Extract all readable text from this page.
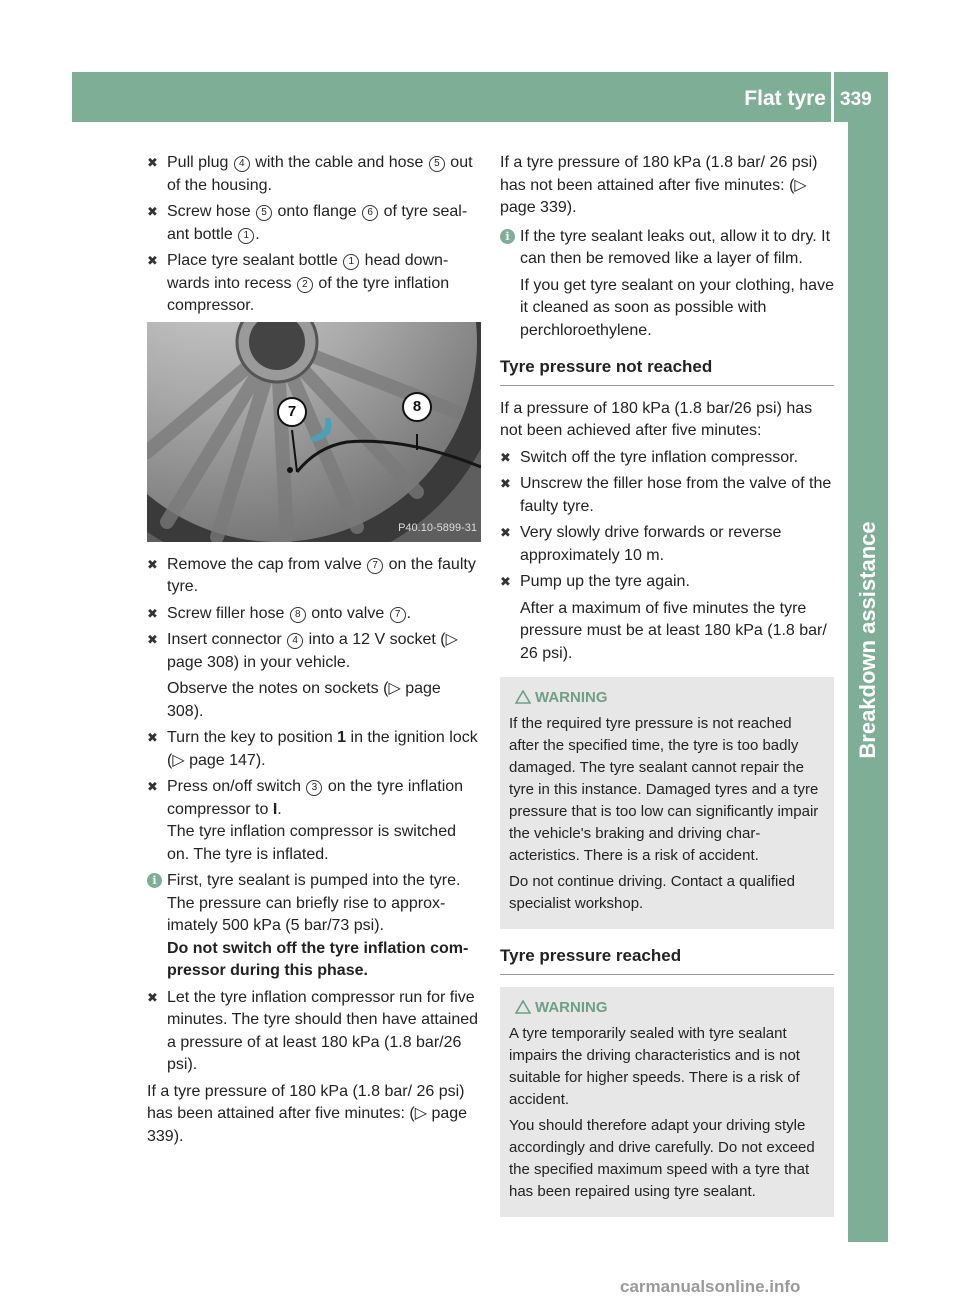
Flat tyre 339
Breakdown assistance
✖ Pull plug 4 with the cable and hose 5 out of the housing.
✖ Screw hose 5 onto flange 6 of tyre seal-ant bottle 1 .
✖ Place tyre sealant bottle 1 head down-wards into recess 2 of the tyre inflation compressor.
7	8
P40.10-5899-31
✖ Remove the cap from valve 7 on the faulty tyre.
✖ Screw filler hose 8 onto valve 7 .
✖ Insert connector 4 into a 12 V socket (▷ page 308) in your vehicle.
Observe the notes on sockets (▷ page 308).
✖ Turn the key to position 1 in the ignition lock (▷ page 147).
✖ Press on/off switch 3 on the tyre inflation compressor to I.
The tyre inflation compressor is switched on. The tyre is inflated.
i First, tyre sealant is pumped into the tyre. The pressure can briefly rise to approx-imately 500 kPa (5 bar/73 psi).
Do not switch off the tyre inflation com-pressor during this phase.
✖ Let the tyre inflation compressor run for five minutes. The tyre should then have attained a pressure of at least 180 kPa (1.8 bar/26 psi).
If a tyre pressure of 180 kPa (1.8 bar/ 26 psi) has been attained after five minutes: (▷ page 339).
If a tyre pressure of 180 kPa (1.8 bar/ 26 psi) has not been attained after five minutes: (▷ page 339).
i If the tyre sealant leaks out, allow it to dry. It can then be removed like a layer of film.
If you get tyre sealant on your clothing, have it cleaned as soon as possible with perchloroethylene.
Tyre pressure not reached
If a pressure of 180 kPa (1.8 bar/26 psi) has not been achieved after five minutes:
✖ Switch off the tyre inflation compressor.
✖ Unscrew the filler hose from the valve of the faulty tyre.
✖ Very slowly drive forwards or reverse approximately 10 m.
✖ Pump up the tyre again.
After a maximum of five minutes the tyre pressure must be at least 180 kPa (1.8 bar/ 26 psi).
WARNING

If the required tyre pressure is not reached after the specified time, the tyre is too badly damaged. The tyre sealant cannot repair the tyre in this instance. Damaged tyres and a tyre pressure that is too low can significantly impair the vehicle's braking and driving char-acteristics. There is a risk of accident.

Do not continue driving. Contact a qualified specialist workshop.

Tyre pressure reached
WARNING

A tyre temporarily sealed with tyre sealant impairs the driving characteristics and is not suitable for higher speeds. There is a risk of accident.

You should therefore adapt your driving style accordingly and drive carefully. Do not exceed the specified maximum speed with a tyre that has been repaired using tyre sealant.

carmanualsonline.info
